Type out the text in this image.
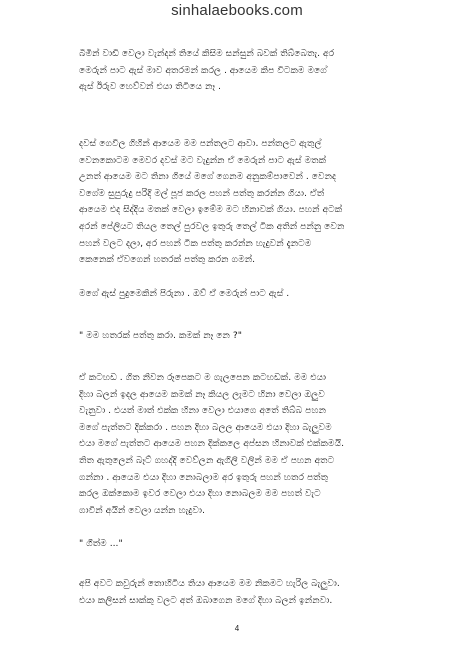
sinhalaebooks.com

බිමින් වාඩි වෙලා වැන්දන් තියේ කිසිම සන්සුන් බවක් තිබ්බෙතැ. අර
මෙරුන් පාට ඇස් මාව අතරමන් කරල . ආයෙම කිප විටකම මගේ
ඇස් ඊරුව හෙව්වන් එයා තිටියෙ නෑ .

දවස් ගෙවිල ගිහින් ආයෙම මම පන්තලට ආවා. පන්තලට ඇතුල්
වෙනකොටම මෙවර දවස් මට වැදුන්න ඒ මෙරුන් පාට ඇස් මතක්
උනත් ආයෙම මට තිනා ගියේ මගේ ගෙනම අනුකම්පාවෙන් . වෙනද
වගේම සුපුරුදු පරිදි මල් පූජ කරල පහන් පත්තු කරන්න ගියා. ඒත්
ආයෙම එද සිද්දිය මතක් වෙලා ඉමේම මට හිනාවක් ගියා. පහන් අටක්
අරන් පේලියට තියල තෙල් පුරවල ඉතුරු තෙල් ටික අතින් පන්නු වෙන
පහන් වලට දලා, අර පහන් ටික පත්තු කරන්න හැදුවන් දැනටම
කෙනෙක් ඒවගෙන් හතරක් පත්තු කරන ගමන්.

මගේ ඇස් පුදුමෙකින් පිරුනා . ඔව් ඒ මෙරුන් පාට ඇස් .

" මම හතරක් පත්තු කරා. කමක් නෑ නෙ ?"

ඒ කටහඩ . ගිත නිවන රූපෙකට ම ගැලපෙන කටහඩක්. මම එයා
දිහා බලන් ඉදල ආයෙම කමක් නෑ කියල ලැමට හිනා වෙලා ඔලුව
වැනුවා . එයත් මාත් එක්ක හිනා වෙලා එයාගෙ අතේ තිබ්බ පහන
මගේ පැත්තට දික්කරා . පහන දිහා බලල ආයෙම එයා දිහා බැලුවම
එයා මගේ පැත්තට ආයෙම පහන දික්කලෙ අප්සන හිනාවක් එක්කමයි.
තිත ඇතුලෙන් බෑට් ගහද්දි වෙව්ලන ඇගිලි වලින් මම ඒ පහන අතට
ගන්නා . ආයෙම එයා දිහා නොබලාම අර ඉතුරු පහන් හතර පත්තු
කරල ඔක්කොම ඉවර වෙලා එයා දිහා නොබලම මම පහත් වැට
ගාවින් අයින් වෙලා යන්න හැදුවා.

" ගීත්ම ..."

අපි අවට කවුරුන් තොහිටිය තියා ආයෙම මම නිකමට හැරිල බැලුවා.
එයා කලිසන් සාක්කු වලට අත් ඔබාගෙන මගේ දිහා බලන් ඉන්නවා.

4
